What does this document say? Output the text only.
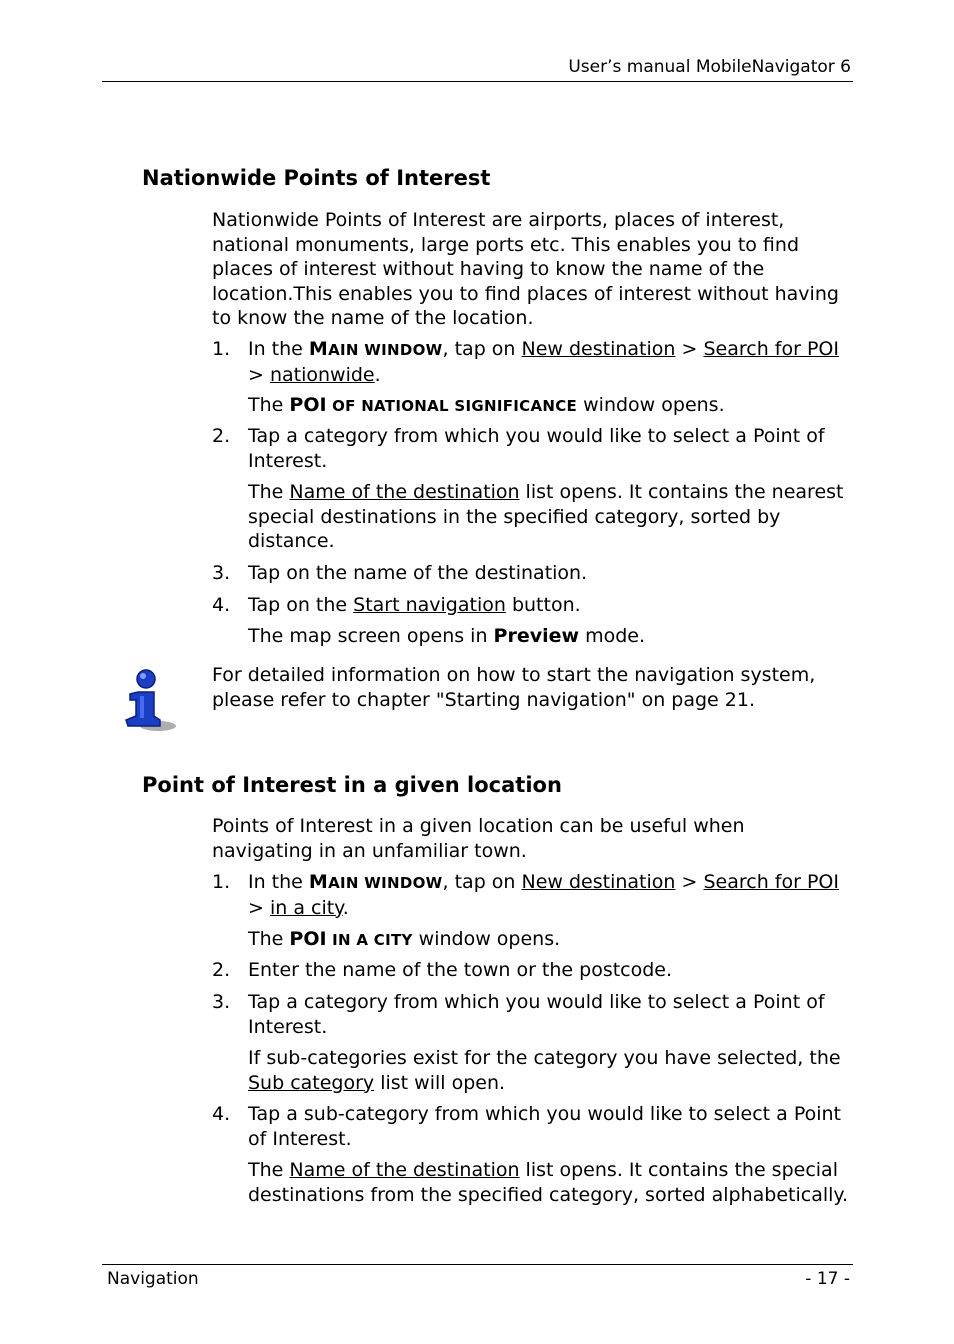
User’s manual MobileNavigator 6
Nationwide Points of Interest
Nationwide Points of Interest are airports, places of interest, national monuments, large ports etc. This enables you to find places of interest without having to know the name of the location.This enables you to find places of interest without having to know the name of the location.
1. In the MAIN WINDOW, tap on New destination > Search for POI > nationwide.
The POI OF NATIONAL SIGNIFICANCE window opens.
2. Tap a category from which you would like to select a Point of Interest.
The Name of the destination list opens. It contains the nearest special destinations in the specified category, sorted by distance.
3. Tap on the name of the destination.
4. Tap on the Start navigation button.
The map screen opens in Preview mode.
For detailed information on how to start the navigation system, please refer to chapter "Starting navigation" on page 21.
Point of Interest in a given location
Points of Interest in a given location can be useful when navigating in an unfamiliar town.
1. In the MAIN WINDOW, tap on New destination > Search for POI > in a city.
The POI IN A CITY window opens.
2. Enter the name of the town or the postcode.
3. Tap a category from which you would like to select a Point of Interest.
If sub-categories exist for the category you have selected, the Sub category list will open.
4. Tap a sub-category from which you would like to select a Point of Interest.
The Name of the destination list opens. It contains the special destinations from the specified category, sorted alphabetically.
Navigation	- 17 -
